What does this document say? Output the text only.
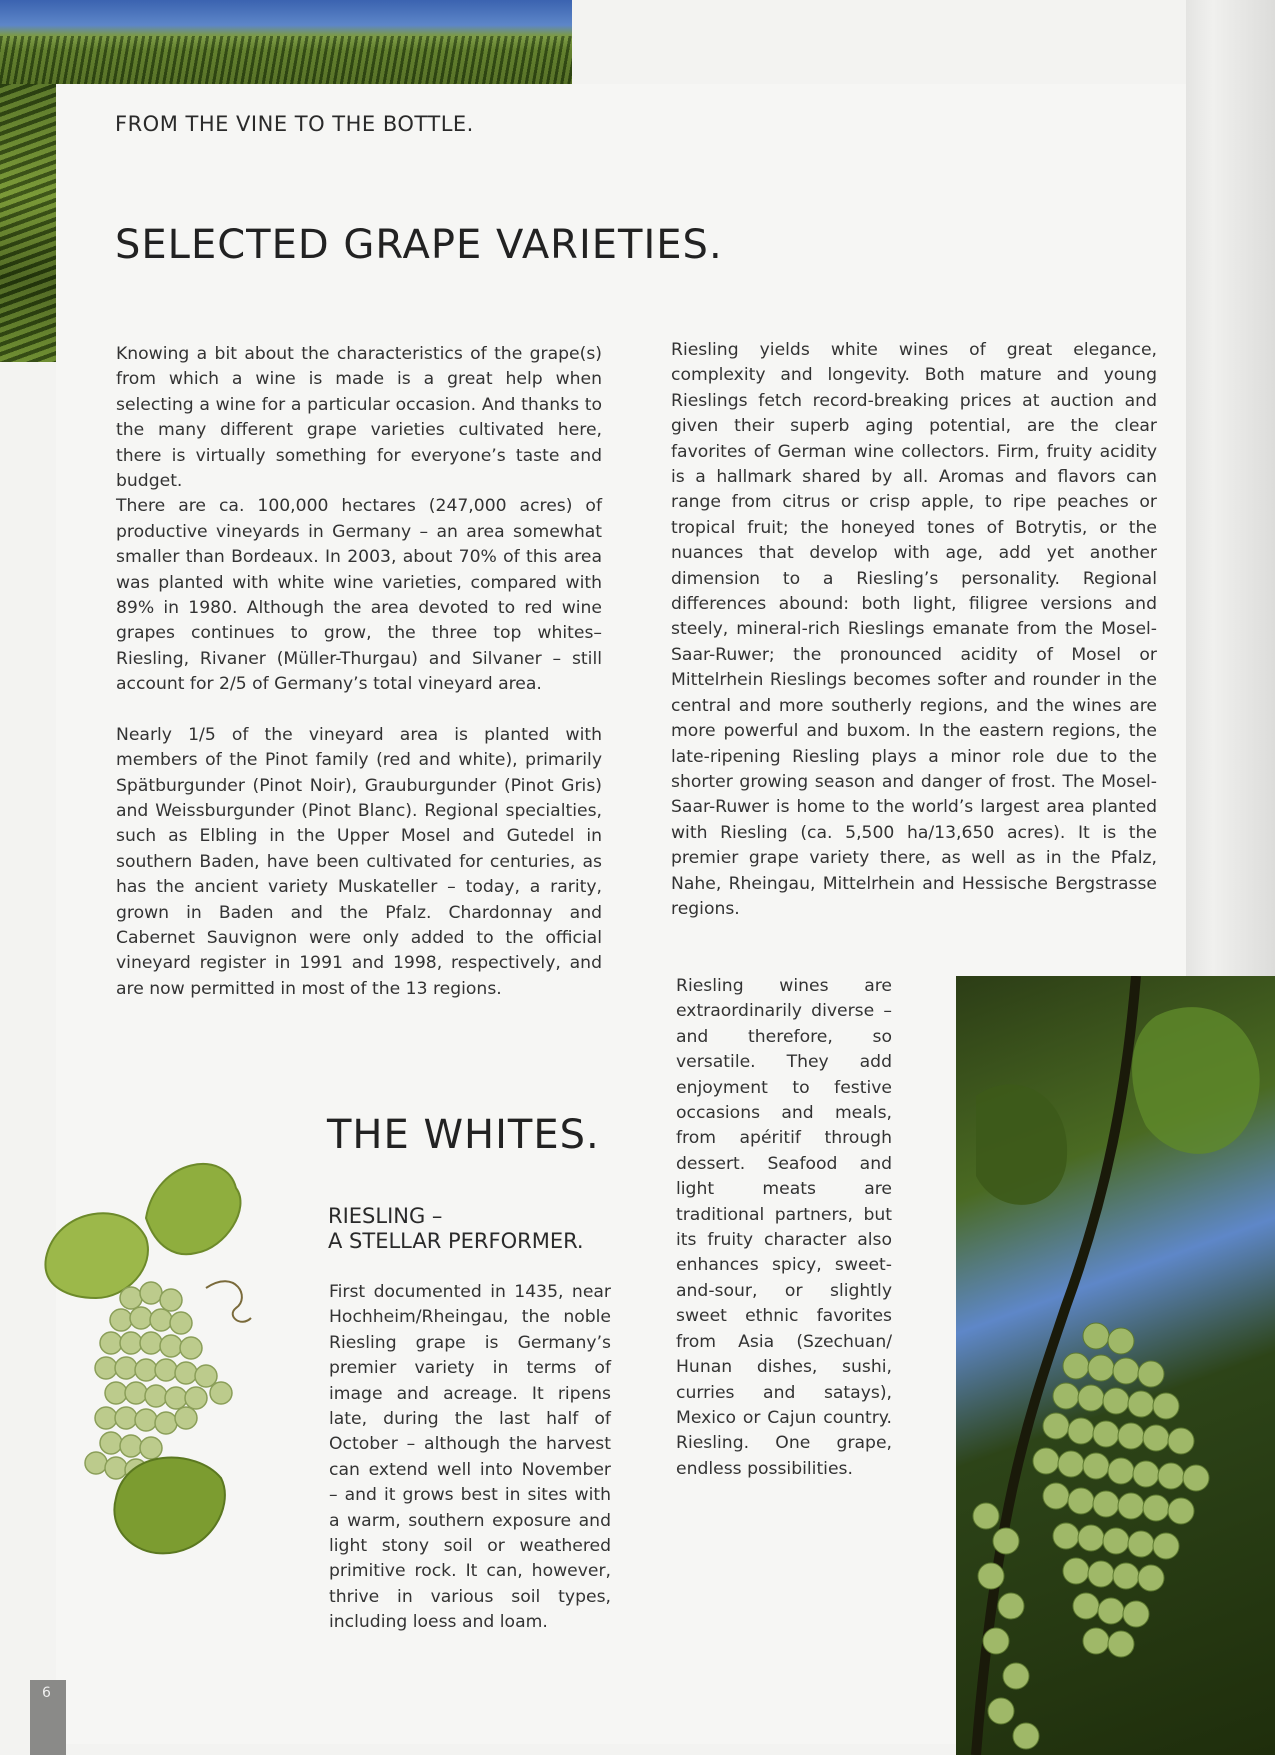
FROM THE VINE TO THE BOTTLE.
SELECTED GRAPE VARIETIES.

Knowing a bit about the characteristics of the grape(s) from which a wine is made is a great help when selecting a wine for a particular occasion. And thanks to the many different grape varieties cultivated here, there is virtually something for everyone’s taste and budget.

There are ca. 100,000 hectares (247,000 acres) of productive vineyards in Germany – an area somewhat smaller than Bordeaux. In 2003, about 70% of this area was planted with white wine varieties, compared with 89% in 1980. Although the area devoted to red wine grapes continues to grow, the three top whites– Riesling, Rivaner (Müller-Thurgau) and Silvaner – still account for 2/5 of Germany’s total vineyard area.

Nearly 1/5 of the vineyard area is planted with members of the Pinot family (red and white), primarily Spätburgunder (Pinot Noir), Grauburgunder (Pinot Gris) and Weissburgunder (Pinot Blanc). Regional specialties, such as Elbling in the Upper Mosel and Gutedel in southern Baden, have been cultivated for centuries, as has the ancient variety Muskateller – today, a rarity, grown in Baden and the Pfalz. Chardonnay and Cabernet Sauvignon were only added to the official vineyard register in 1991 and 1998, respectively, and are now permitted in most of the 13 regions.

Riesling yields white wines of great elegance, complexity and longevity. Both mature and young Rieslings fetch record-breaking prices at auction and given their superb aging potential, are the clear favorites of German wine collectors. Firm, fruity acidity is a hallmark shared by all. Aromas and flavors can range from citrus or crisp apple, to ripe peaches or tropical fruit; the honeyed tones of Botrytis, or the nuances that develop with age, add yet another dimension to a Riesling’s personality. Regional differences abound: both light, filigree versions and steely, mineral-rich Rieslings emanate from the Mosel-Saar-Ruwer; the pronounced acidity of Mosel or Mittelrhein Rieslings becomes softer and rounder in the central and more southerly regions, and the wines are more powerful and buxom. In the eastern regions, the late-ripening Riesling plays a minor role due to the shorter growing season and danger of frost. The Mosel-Saar-Ruwer is home to the world’s largest area planted with Riesling (ca. 5,500 ha/13,650 acres). It is the premier grape variety there, as well as in the Pfalz, Nahe, Rheingau, Mittelrhein and Hessische Bergstrasse regions.

Riesling wines are extraordinarily diverse – and therefore, so versatile. They add enjoyment to festive occasions and meals, from apéritif through dessert. Seafood and light meats are traditional partners, but its fruity character also enhances spicy, sweet-and-sour, or slightly sweet ethnic favorites from Asia (Szechuan/ Hunan dishes, sushi, curries and satays), Mexico or Cajun country. Riesling. One grape, endless possibilities.

THE WHITES.
RIESLING –
A STELLAR PERFORMER.

First documented in 1435, near Hochheim/Rheingau, the noble Riesling grape is Germany’s premier variety in terms of image and acreage. It ripens late, during the last half of October – although the harvest can extend well into November – and it grows best in sites with a warm, southern exposure and light stony soil or weathered primitive rock. It can, however, thrive in various soil types, including loess and loam.

6
